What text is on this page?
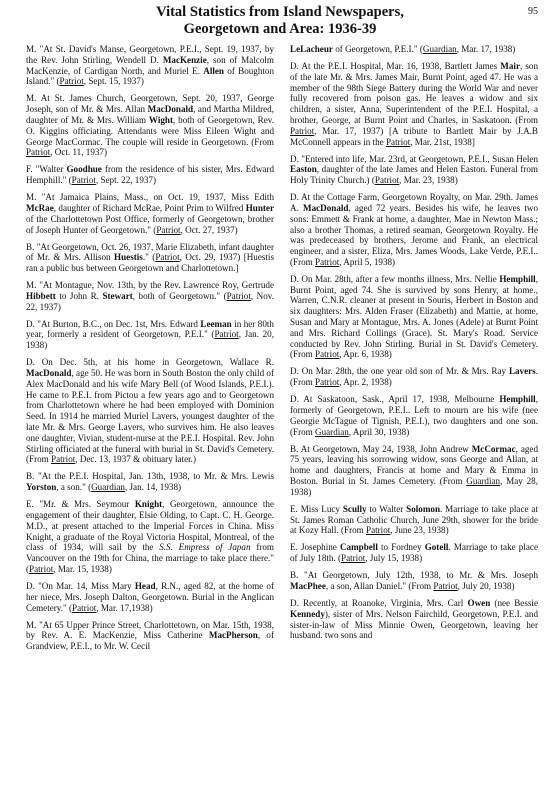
95
Vital Statistics from Island Newspapers,
Georgetown and Area: 1936-39

M. "At St. David's Manse, Georgetown, P.E.I., Sept. 19, 1937, by the Rev. John Stirling, Wendell D. MacKenzie, son of Malcolm MacKenzie, of Cardigan North, and Muriel E. Allen of Boughton Island." (Patriot, Sept. 15, 1937)

M. At St. James Church, Georgetown, Sept. 20, 1937, George Joseph, son of Mr. & Mrs. Allan MacDonald, and Martha Mildred, daughter of Mr. & Mrs. William Wight, both of Georgetown, Rev. O. Kiggins officiating. Attendants were Miss Eileen Wight and George MacCormac. The couple will reside in Georgetown. (From Patriot, Oct. 11, 1937)

F. "Walter Goodhue from the residence of his sister, Mrs. Edward Hemphill." (Patriot, Sept. 22, 1937)

M. "At Jamaica Plains, Mass., on Oct. 19, 1937, Miss Edith McRae, daughter of Richard McRae, Point Prim to Wilfred Hunter of the Charlottetown Post Office, formerly of Georgetown, brother of Joseph Hunter of Georgetown." (Patriot, Oct. 27, 1937)

B. "At Georgetown, Oct. 26, 1937, Marie Elizabeth, infant daughter of Mr. & Mrs. Allison Huestis." (Patriot, Oct. 29, 1937) [Huestis ran a public bus between Georgetown and Charlottetown.]

M. "At Montague, Nov. 13th, by the Rev. Lawrence Roy, Gertrude Hibbett to John R. Stewart, both of Georgetown." (Patriot, Nov. 22, 1937)

D. "At Burton, B.C., on Dec. 1st, Mrs. Edward Leeman in her 80th year, formerly a resident of Georgetown, P.E.I." (Patriot, Jan. 20, 1938)

D. On Dec. 5th, at his home in Georgetown, Wallace R. MacDonald, age 50. He was born in South Boston the only child of Alex MacDonald and his wife Mary Bell (of Wood Islands, P.E.I.). He came to P.E.I. from Pictou a few years ago and to Georgetown from Charlottetown where he had been employed with Dominion Seed. In 1914 he married Muriel Lavers, youngest daughter of the late Mr. & Mrs. George Lavers, who survives him. He also leaves one daughter, Vivian, student-nurse at the P.E.I. Hospital. Rev. John Stirling officiated at the funeral with burial in St. David's Cemetery. (From Patriot, Dec. 13, 1937 & obituary later.)

B. "At the P.E.I. Hospital, Jan. 13th, 1938, to Mr. & Mrs. Lewis Yorston, a son." (Guardian, Jan. 14, 1938)

E. "Mr. & Mrs. Seymour Knight, Georgetown, announce the engagement of their daughter, Elsie Olding, to Capt. C. H. George. M.D., at present attached to the Imperial Forces in China. Miss Knight, a graduate of the Royal Victoria Hospital, Montreal, of the class of 1934, will sail by the S.S. Empress of Japan from Vancouver on the 19th for China, the marriage to take place there." (Patriot, Mar. 15, 1938)

D. "On Mar. 14, Miss Mary Head, R.N., aged 82, at the home of her niece, Mrs. Joseph Dalton, Georgetown. Burial in the Anglican Cemetery." (Patriot, Mar. 17,1938)

M. "At 65 Upper Prince Street, Charlottetown, on Mar. 15th, 1938, by Rev. A. E. MacKenzie, Miss Catherine MacPherson, of Grandview, P.E.I., to Mr. W. Cecil

LeLacheur of Georgetown, P.E.I." (Guardian, Mar. 17, 1938)

D. At the P.E.I. Hospital, Mar. 16, 1938, Bartlett James Mair, son of the late Mr. & Mrs. James Mair, Burnt Point, aged 47. He was a member of the 98th Siege Battery during the World War and never fully recovered from poison gas. He leaves a widow and six children, a sister, Anna, Superintendent of the P.E.I. Hospital, a brother, George, at Burnt Point and Charles, in Saskatoon. (From Patriot, Mar. 17, 1937) [A tribute to Bartlett Mair by J.A.B McConnell appears in the Patriot, Mar. 21st, 1938]

D. "Entered into life, Mar. 23rd, at Georgetown, P.E.I., Susan Helen Easton, daughter of the late James and Helen Easton. Funeral from Holy Trinity Church.) (Patriot, Mar. 23, 1938)

D. At the Cottage Farm, Georgetown Royalty, on Mar. 29th. James A. MacDonald, aged 72 years. Besides his wife, he leaves two sons: Emmett & Frank at home, a daughter, Mae in Newton Mass.; also a brother Thomas, a retired seaman, Georgetown Royalty. He was predeceased by brothers, Jerome and Frank, an electrical engineer, and a sister, Eliza, Mrs. James Woods, Lake Verde, P.E.I.. (From Patriot, April 5, 1938)

D. On Mar. 28th, after a few months illness, Mrs. Nellie Hemphill, Burnt Point, aged 74. She is survived by sons Henry, at home., Warren, C.N.R. cleaner at present in Souris, Herbert in Boston and six daughters: Mrs. Alden Fraser (Elizabeth) and Mattie, at home, Susan and Mary at Montague, Mrs. A. Jones (Adele) at Burnt Point and Mrs. Richard Collings (Grace). St. Mary's Road. Service conducted by Rev. John Stirling. Burial in St. David's Cemetery. (From Patriot, Apr. 6, 1938)

D. On Mar. 28th, the one year old son of Mr. & Mrs. Ray Lavers. (From Patriot, Apr. 2, 1938)

D. At Saskatoon, Sask., April 17, 1938, Melbourne Hemphill, formerly of Georgetown, P.E.I.. Left to mourn are his wife (nee Georgie McTague of Tignish, P.E.I.), two daughters and one son. (From Guardian, April 30, 1938)

B. At Georgetown, May 24, 1938, John Andrew McCormac, aged 75 years, leaving his sorrowing widow, sons George and Allan, at home and daughters, Francis at home and Mary & Emma in Boston. Burial in St. James Cemetery. (From Guardian, May 28, 1938)

E. Miss Lucy Scully to Walter Solomon. Marriage to take place at St. James Roman Catholic Church, June 29th, shower for the bride at Kozy Hall. (From Patriot, June 23, 1938)

E. Josephine Campbell to Fordney Gotell. Marriage to take place of July 18th. (Patriot, July 15, 1938)

B. "At Georgetown, July 12th, 1938, to Mr. & Mrs. Joseph MacPhee, a son, Allan Daniel." (From Patriot, July 20, 1938)

D. Recently, at Roanoke, Virginia, Mrs. Carl Owen (nee Bessie Kennedy), sister of Mrs. Nelson Fairchild, Georgetown, P.E.I. and sister-in-law of Miss Minnie Owen, Georgetown, leaving her husband. two sons and
